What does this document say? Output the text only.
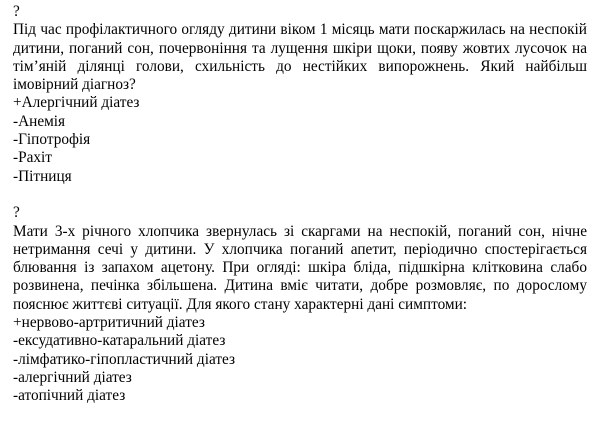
?
Під час профілактичного огляду дитини віком 1 місяць мати поскаржилась на неспокій дитини, поганий сон, почервоніння та лущення шкіри щоки, появу жовтих лусочок на тім’яній ділянці голови, схильність до нестійких випорожнень. Який найбільш імовірний діагноз?
+Алергічний діатез
-Анемія
-Гіпотрофія
-Рахіт
-Пітниця
?
Мати 3-х річного хлопчика звернулась зі скаргами на неспокій, поганий сон, нічне нетримання сечі у дитини. У хлопчика поганий апетит, періодично спостерігається блювання із запахом ацетону. При огляді: шкіра бліда, підшкірна клітковина слабо розвинена, печінка збільшена. Дитина вміє читати, добре розмовляє, по дорослому пояснює життєві ситуації. Для якого стану характерні дані симптоми:
+нервово-артритичний діатез
-ексудативно-катаральний діатез
-лімфатико-гіпопластичний діатез
-алергічний діатез
-атопічний діатез
